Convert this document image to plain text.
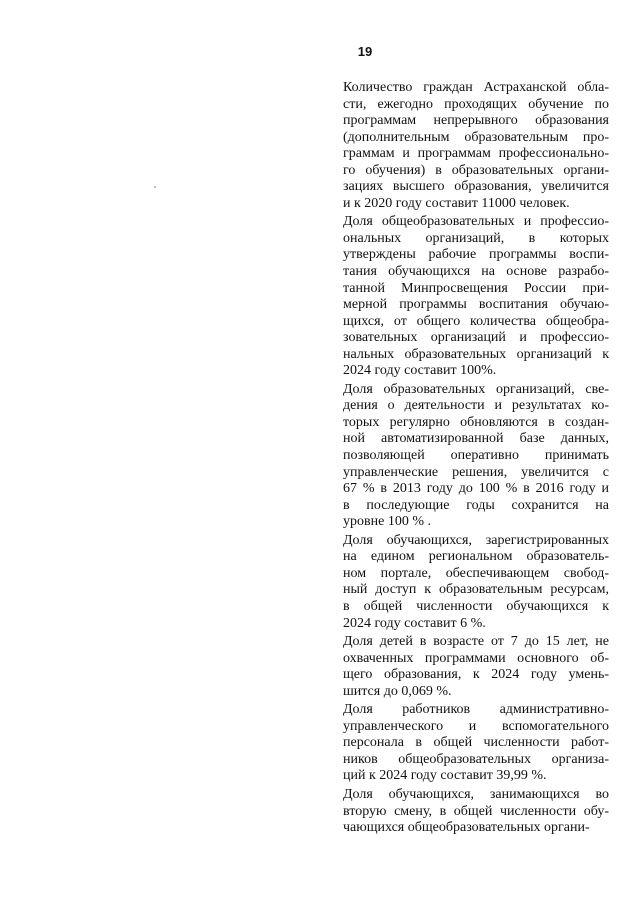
19
Количество граждан Астраханской обла-
сти, ежегодно проходящих обучение по
программам непрерывного образования
(дополнительным образовательным про-
граммам и программам профессионально-
го обучения) в образовательных органи-
зациях высшего образования, увеличится
и к 2020 году составит 11000 человек.
Доля общеобразовательных и профессио-
ональных организаций, в которых
утверждены рабочие программы воспи-
тания обучающихся на основе разрабо-
танной Минпросвещения России при-
мерной программы воспитания обучаю-
щихся, от общего количества общеобра-
зовательных организаций и профессио-
нальных образовательных организаций к
2024 году составит 100%.
Доля образовательных организаций, све-
дения о деятельности и результатах ко-
торых регулярно обновляются в создан-
ной автоматизированной базе данных,
позволяющей оперативно принимать
управленческие решения, увеличится с
67 % в 2013 году до 100 % в 2016 году и
в последующие годы сохранится на
уровне 100 % .
Доля обучающихся, зарегистрированных
на едином региональном образователь-
ном портале, обеспечивающем свобод-
ный доступ к образовательным ресурсам,
в общей численности обучающихся к
2024 году составит 6 %.
Доля детей в возрасте от 7 до 15 лет, не
охваченных программами основного об-
щего образования, к 2024 году умень-
шится до 0,069 %.
Доля работников административно-
управленческого и вспомогательного
персонала в общей численности работ-
ников общеобразовательных организа-
ций к 2024 году составит 39,99 %.
Доля обучающихся, занимающихся во
вторую смену, в общей численности обу-
чающихся общеобразовательных органи-
